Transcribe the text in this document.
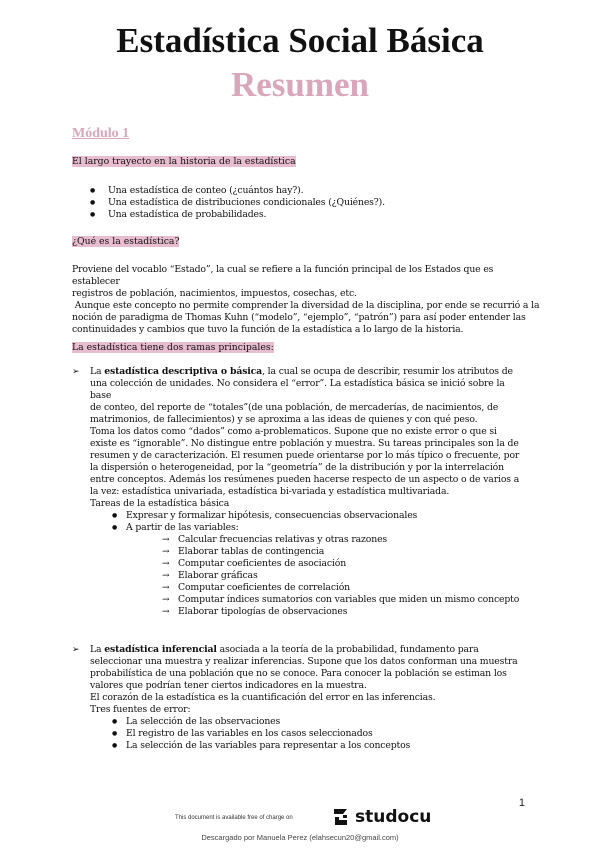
Estadística Social Básica
Resumen
Módulo 1
El largo trayecto en la historia de la estadística
● Una estadística de conteo (¿cuántos hay?).
● Una estadística de distribuciones condicionales (¿Quiénes?).
● Una estadística de probabilidades.
¿Qué es la estadística?
Proviene del vocablo “Estado”, la cual se refiere a la función principal de los Estados que es establecer
registros de población, nacimientos, impuestos, cosechas, etc.
Aunque este concepto no permite comprender la diversidad de la disciplina, por ende se recurrió a la
noción de paradigma de Thomas Kuhn (“modelo”, “ejemplo”, “patrón”) para así poder entender las
continuidades y cambios que tuvo la función de la estadística a lo largo de la historia.
La estadística tiene dos ramas principales:
➢ La estadística descriptiva o básica, la cual se ocupa de describir, resumir los atributos de
una colección de unidades. No considera el “error”. La estadística básica se inició sobre la base
de conteo, del reporte de “totales”(de una población, de mercaderías, de nacimientos, de
matrimonios, de fallecimientos) y se aproxima a las ideas de quienes y con qué peso.
Toma los datos como “dados” como a-problematicos. Supone que no existe error o que si
existe es “ignorable”. No distingue entre población y muestra. Su tareas principales son la de
resumen y de caracterización. El resumen puede orientarse por lo más típico o frecuente, por
la dispersión o heterogeneidad, por la “geometría” de la distribución y por la interrelación
entre conceptos. Además los resúmenes pueden hacerse respecto de un aspecto o de varios a
la vez: estadística univariada, estadística bi-variada y estadística multivariada.
Tareas de la estadística básica
● Expresar y formalizar hipótesis, consecuencias observacionales
● A partir de las variables:
→ Calcular frecuencias relativas y otras razones
→ Elaborar tablas de contingencia
→ Computar coeficientes de asociación
→ Elaborar gráficas
→ Computar coeficientes de correlación
→ Computar índices sumatorios con variables que miden un mismo concepto
→ Elaborar tipologías de observaciones
➢ La estadística inferencial asociada a la teoría de la probabilidad, fundamento para
seleccionar una muestra y realizar inferencias. Supone que los datos conforman una muestra
probabilística de una población que no se conoce. Para conocer la población se estiman los
valores que podrían tener ciertos indicadores en la muestra.
El corazón de la estadística es la cuantificación del error en las inferencias.
Tres fuentes de error:
● La selección de las observaciones
● El registro de las variables en los casos seleccionados
● La selección de las variables para representar a los conceptos
1
This document is available free of charge on	studocu
Descargado por Manuela Perez (elahsecun20@gmail.com)
